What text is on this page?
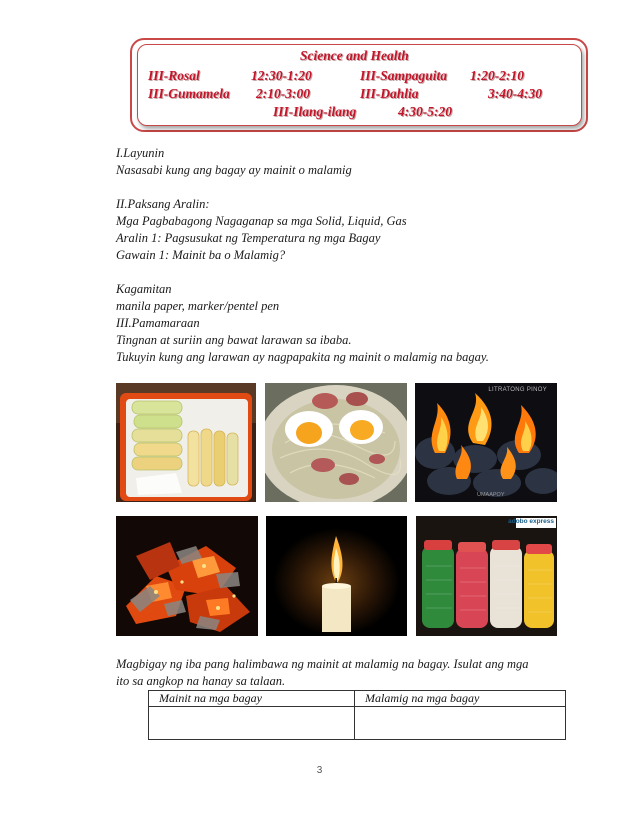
Science and Health
III-Rosal	12:30-1:20	III-Sampaguita 1:20-2:10
III-Gumamela 2:10-3:00	III-Dahlia	3:40-4:30
III-Ilang-ilang	4:30-5:20
I.Layunin
Nasasabi kung ang bagay ay mainit o malamig
II.Paksang Aralin:
Mga Pagbabagong Nagaganap sa mga Solid, Liquid, Gas
Aralin 1: Pagsusukat ng Temperatura ng mga Bagay
Gawain 1: Mainit ba o Malamig?
Kagamitan
manila paper, marker/pentel pen
III.Pamamaraan
Tingnan at suriin ang bawat larawan sa ibaba.
Tukuyin kung ang larawan ay nagpapakita ng mainit o malamig na bagay.
LITRATONG PINOY
UMAAPOY
adobo express
Magbigay ng iba pang halimbawa ng mainit at malamig na bagay. Isulat ang mga
ito sa angkop na hanay sa talaan.
Mainit na mga bagay	Malamig na mga bagay

3
